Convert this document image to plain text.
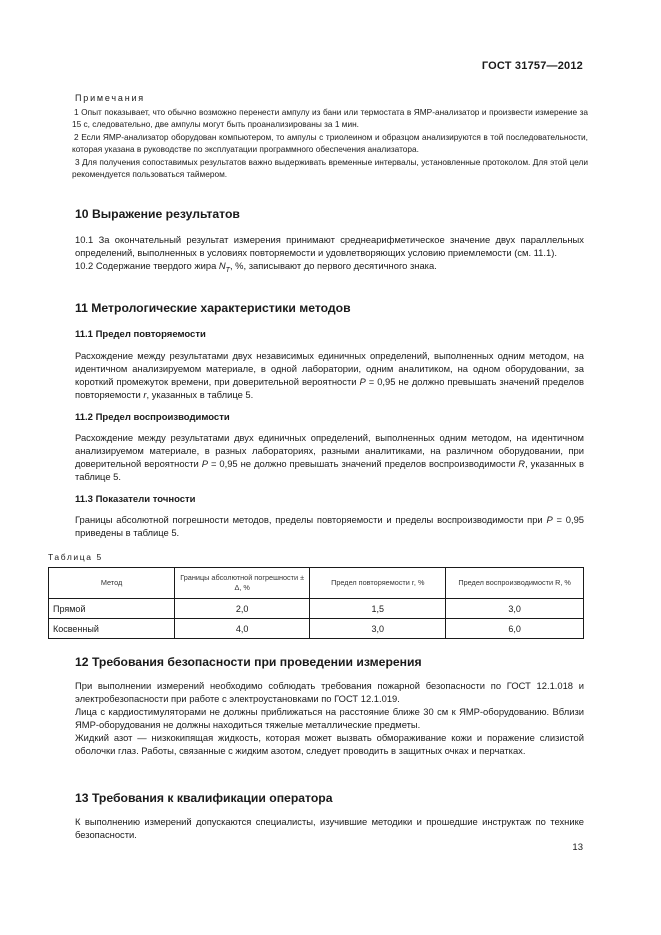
ГОСТ 31757—2012
Примечания

1 Опыт показывает, что обычно возможно перенести ампулу из бани или термостата в ЯМР-анализатор и произвести измерение за 15 с, следовательно, две ампулы могут быть проанализированы за 1 мин.

2 Если ЯМР-анализатор оборудован компьютером, то ампулы с триолеином и образцом анализируются в той последовательности, которая указана в руководстве по эксплуатации программного обеспечения анализатора.

3 Для получения сопоставимых результатов важно выдерживать временные интервалы, установленные протоколом. Для этой цели рекомендуется пользоваться таймером.

10 Выражение результатов

10.1 За окончательный результат измерения принимают среднеарифметическое значение двух параллельных определений, выполненных в условиях повторяемости и удовлетворяющих условию приемлемости (см. 11.1).

10.2 Содержание твердого жира $N_T$, %, записывают до первого десятичного знака.

11 Метрологические характеристики методов
11.1 Предел повторяемости

Расхождение между результатами двух независимых единичных определений, выполненных одним методом, на идентичном анализируемом материале, в одной лаборатории, одним аналитиком, на одном оборудовании, за короткий промежуток времени, при доверительной вероятности P = 0,95 не должно превышать значений пределов повторяемости r, указанных в таблице 5.

11.2 Предел воспроизводимости

Расхождение между результатами двух единичных определений, выполненных одним методом, на идентичном анализируемом материале, в разных лабораториях, разными аналитиками, на различном оборудовании, при доверительной вероятности P = 0,95 не должно превышать значений пределов воспроизводимости R, указанных в таблице 5.

11.3 Показатели точности

Границы абсолютной погрешности методов, пределы повторяемости и пределы воспроизводимости при P = 0,95 приведены в таблице 5.

Таблица 5
Метод	Границы абсолютной погрешности ± Δ, %	Предел повторяемости r, %	Предел воспроизводимости R, %
Прямой	2,0	1,5	3,0
Косвенный	4,0	3,0	6,0
12 Требования безопасности при проведении измерения

При выполнении измерений необходимо соблюдать требования пожарной безопасности по ГОСТ 12.1.018 и электробезопасности при работе с электроустановками по ГОСТ 12.1.019.

Лица с кардиостимуляторами не должны приближаться на расстояние ближе 30 см к ЯМР-оборудованию. Вблизи ЯМР-оборудования не должны находиться тяжелые металлические предметы.

Жидкий азот — низкокипящая жидкость, которая может вызвать обмораживание кожи и поражение слизистой оболочки глаз. Работы, связанные с жидким азотом, следует проводить в защитных очках и перчатках.

13 Требования к квалификации оператора

К выполнению измерений допускаются специалисты, изучившие методики и прошедшие инструктаж по технике безопасности.

13
